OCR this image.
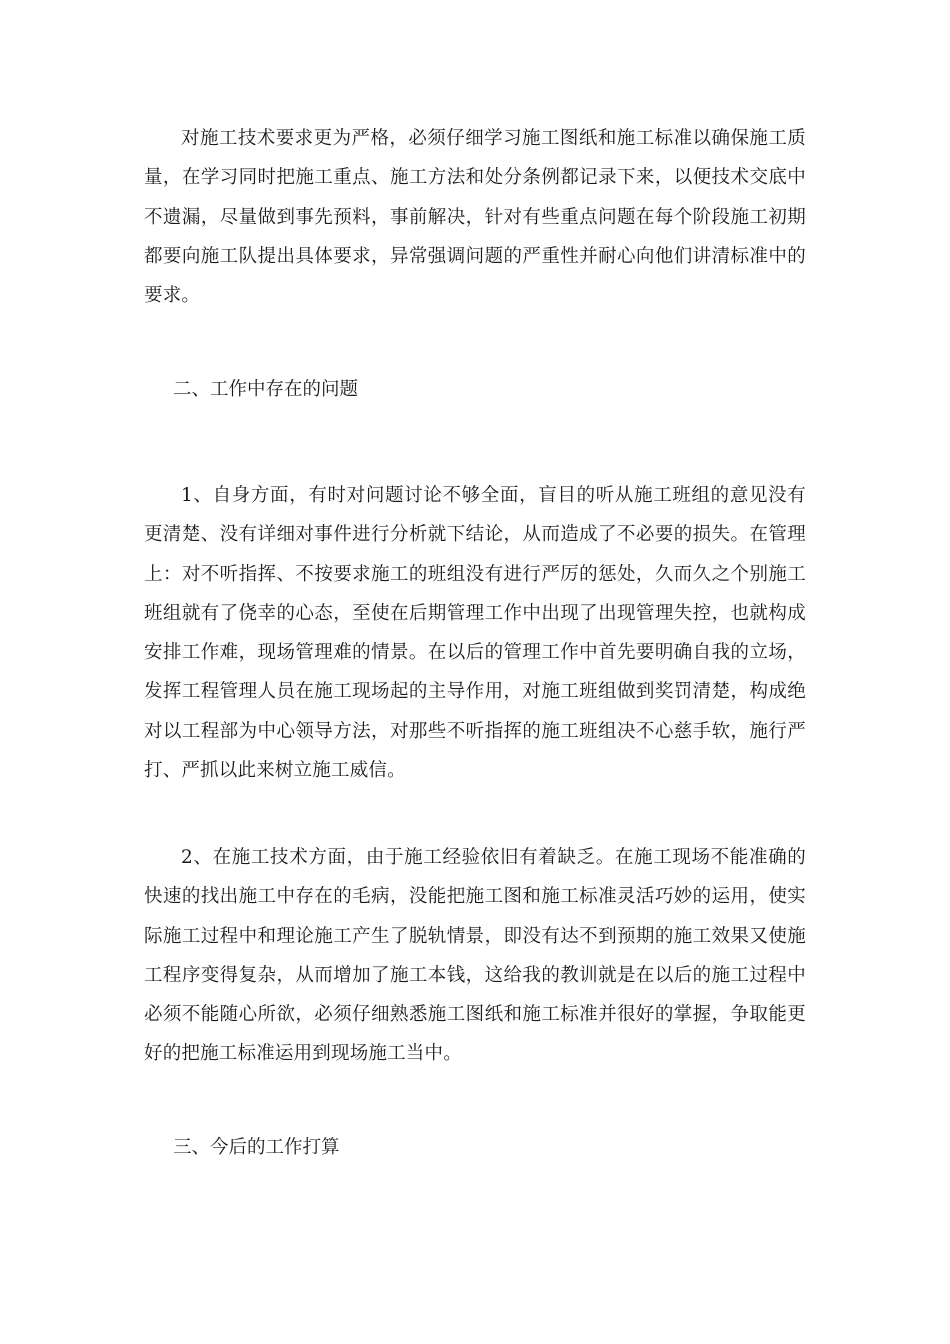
对施工技术要求更为严格，必须仔细学习施工图纸和施工标准以确保施工质量，在学习同时把施工重点、施工方法和处分条例都记录下来，以便技术交底中不遗漏，尽量做到事先预料，事前解决，针对有些重点问题在每个阶段施工初期都要向施工队提出具体要求，异常强调问题的严重性并耐心向他们讲清标准中的要求。

二、工作中存在的问题

1、自身方面，有时对问题讨论不够全面，盲目的听从施工班组的意见没有更清楚、没有详细对事件进行分析就下结论，从而造成了不必要的损失。在管理上：对不听指挥、不按要求施工的班组没有进行严厉的惩处，久而久之个别施工班组就有了侥幸的心态，至使在后期管理工作中出现了出现管理失控，也就构成安排工作难，现场管理难的情景。在以后的管理工作中首先要明确自我的立场，发挥工程管理人员在施工现场起的主导作用，对施工班组做到奖罚清楚，构成绝对以工程部为中心领导方法，对那些不听指挥的施工班组决不心慈手软，施行严打、严抓以此来树立施工威信。

2、在施工技术方面，由于施工经验依旧有着缺乏。在施工现场不能准确的快速的找出施工中存在的毛病，没能把施工图和施工标准灵活巧妙的运用，使实际施工过程中和理论施工产生了脱轨情景，即没有达不到预期的施工效果又使施工程序变得复杂，从而增加了施工本钱，这给我的教训就是在以后的施工过程中必须不能随心所欲，必须仔细熟悉施工图纸和施工标准并很好的掌握，争取能更好的把施工标准运用到现场施工当中。

三、今后的工作打算
